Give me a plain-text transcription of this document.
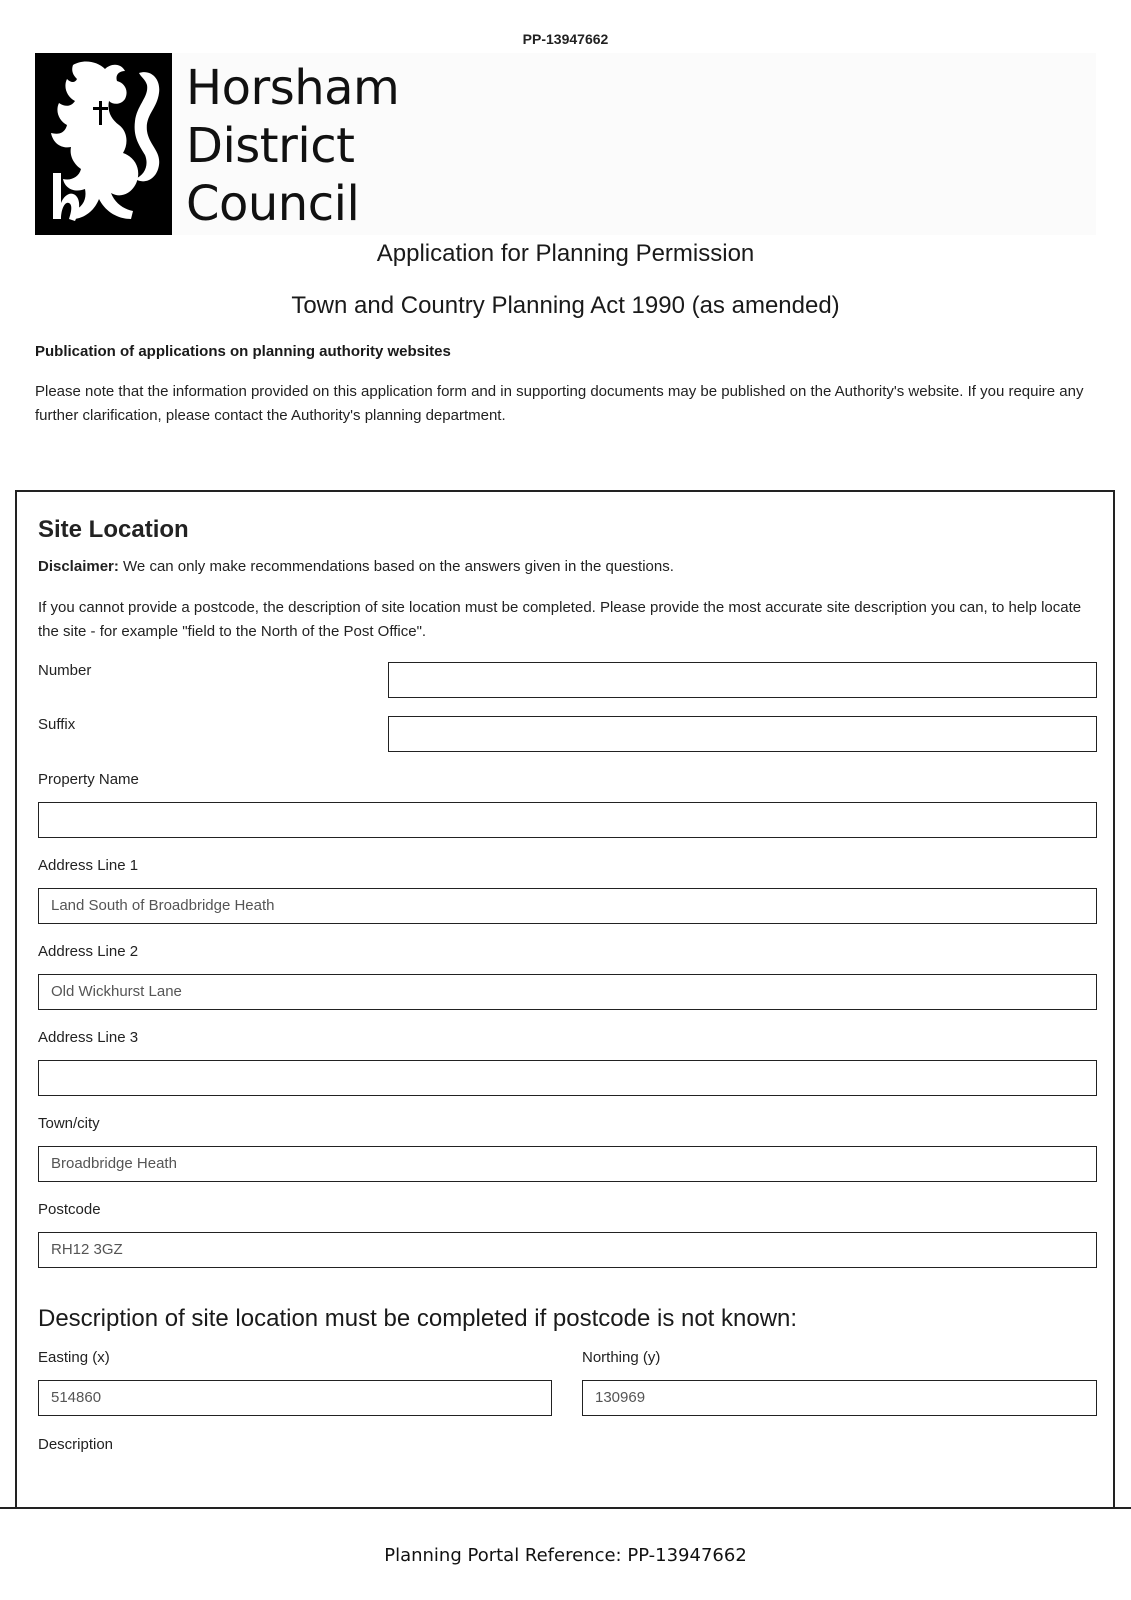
PP-13947662
Horsham
District
Council
Application for Planning Permission
Town and Country Planning Act 1990 (as amended)
Publication of applications on planning authority websites
Please note that the information provided on this application form and in supporting documents may be published on the Authority's website. If you require any further clarification, please contact the Authority's planning department.
Site Location
Disclaimer: We can only make recommendations based on the answers given in the questions.
If you cannot provide a postcode, the description of site location must be completed. Please provide the most accurate site description you can, to help locate the site - for example "field to the North of the Post Office".
Number
Suffix
Property Name
Address Line 1
Land South of Broadbridge Heath
Address Line 2
Old Wickhurst Lane
Address Line 3
Town/city
Broadbridge Heath
Postcode
RH12 3GZ
Description of site location must be completed if postcode is not known:
Easting (x)
514860
Northing (y)
130969
Description
Planning Portal Reference: PP-13947662
